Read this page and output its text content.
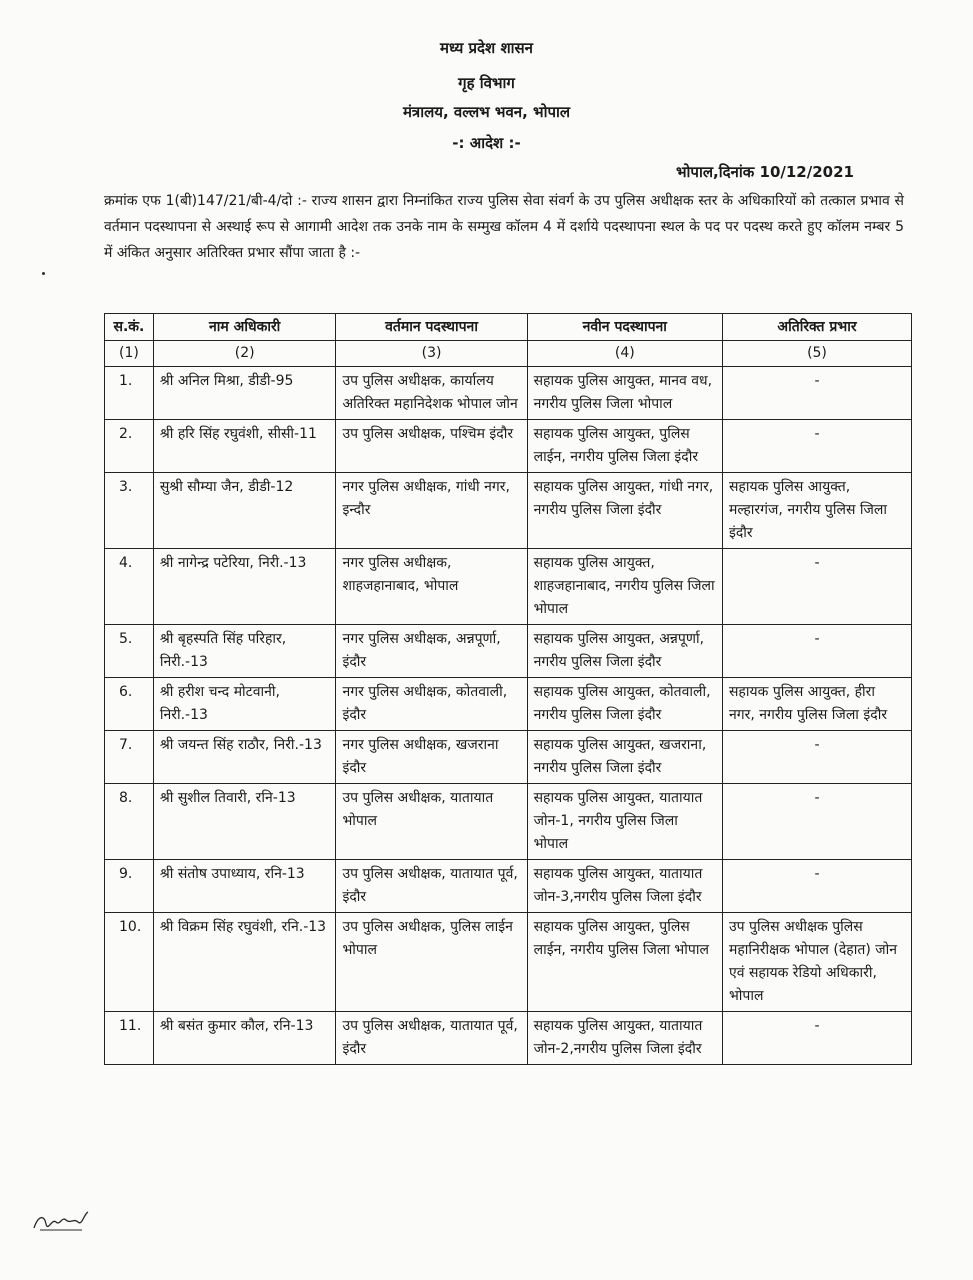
मध्य प्रदेश शासन
गृह विभाग
मंत्रालय, वल्लभ भवन, भोपाल
-: आदेश :-
भोपाल,दिनांक 10/12/2021
क्रमांक एफ 1(बी)147/21/बी-4/दो :- राज्य शासन द्वारा निम्नांकित राज्य पुलिस सेवा संवर्ग के उप पुलिस अधीक्षक स्तर के अधिकारियों को तत्काल प्रभाव से वर्तमान पदस्थापना से अस्थाई रूप से आगामी आदेश तक उनके नाम के सम्मुख कॉलम 4 में दर्शाये पदस्थापना स्थल के पद पर पदस्थ करते हुए कॉलम नम्बर 5 में अंकित अनुसार अतिरिक्त प्रभार सौंपा जाता है :-
स.कं.	नाम अधिकारी	वर्तमान पदस्थापना	नवीन पदस्थापना	अतिरिक्त प्रभार
(1)	(2)	(3)	(4)	(5)
1.	श्री अनिल मिश्रा, डीडी-95	उप पुलिस अधीक्षक, कार्यालय अतिरिक्त महानिदेशक भोपाल जोन	सहायक पुलिस आयुक्त, मानव वध, नगरीय पुलिस जिला भोपाल	-
2.	श्री हरि सिंह रघुवंशी, सीसी-11	उप पुलिस अधीक्षक, पश्चिम इंदौर	सहायक पुलिस आयुक्त, पुलिस लाईन, नगरीय पुलिस जिला इंदौर	-
3.	सुश्री सौम्या जैन, डीडी-12	नगर पुलिस अधीक्षक, गांधी नगर, इन्दौर	सहायक पुलिस आयुक्त, गांधी नगर, नगरीय पुलिस जिला इंदौर	सहायक पुलिस आयुक्त, मल्हारगंज, नगरीय पुलिस जिला इंदौर
4.	श्री नागेन्द्र पटेरिया, निरी.-13	नगर पुलिस अधीक्षक, शाहजहानाबाद, भोपाल	सहायक पुलिस आयुक्त, शाहजहानाबाद, नगरीय पुलिस जिला भोपाल	-
5.	श्री बृहस्पति सिंह परिहार, निरी.-13	नगर पुलिस अधीक्षक, अन्नपूर्णा, इंदौर	सहायक पुलिस आयुक्त, अन्नपूर्णा, नगरीय पुलिस जिला इंदौर	-
6.	श्री हरीश चन्द मोटवानी, निरी.-13	नगर पुलिस अधीक्षक, कोतवाली, इंदौर	सहायक पुलिस आयुक्त, कोतवाली, नगरीय पुलिस जिला इंदौर	सहायक पुलिस आयुक्त, हीरा नगर, नगरीय पुलिस जिला इंदौर
7.	श्री जयन्त सिंह राठौर, निरी.-13	नगर पुलिस अधीक्षक, खजराना इंदौर	सहायक पुलिस आयुक्त, खजराना, नगरीय पुलिस जिला इंदौर	-
8.	श्री सुशील तिवारी, रनि-13	उप पुलिस अधीक्षक, यातायात भोपाल	सहायक पुलिस आयुक्त, यातायात जोन-1, नगरीय पुलिस जिला भोपाल	-
9.	श्री संतोष उपाध्याय, रनि-13	उप पुलिस अधीक्षक, यातायात पूर्व, इंदौर	सहायक पुलिस आयुक्त, यातायात जोन-3,नगरीय पुलिस जिला इंदौर	-
10.	श्री विक्रम सिंह रघुवंशी, रनि.-13	उप पुलिस अधीक्षक, पुलिस लाईन भोपाल	सहायक पुलिस आयुक्त, पुलिस लाईन, नगरीय पुलिस जिला भोपाल	उप पुलिस अधीक्षक पुलिस महानिरीक्षक भोपाल (देहात) जोन एवं सहायक रेडियो अधिकारी, भोपाल
11.	श्री बसंत कुमार कौल, रनि-13	उप पुलिस अधीक्षक, यातायात पूर्व, इंदौर	सहायक पुलिस आयुक्त, यातायात जोन-2,नगरीय पुलिस जिला इंदौर	-
